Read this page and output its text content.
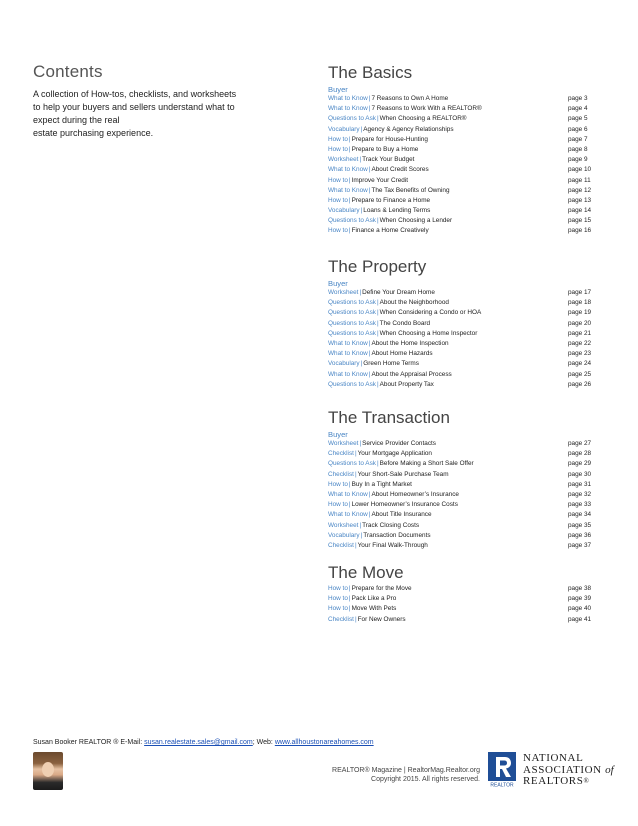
Contents

A collection of How-tos, checklists, and worksheets
to help your buyers and sellers understand what to
expect during the real
estate purchasing experience.

The Basics
Buyer
What to Know|7 Reasons to Own A Home	page 3
What to Know|7 Reasons to Work With a REALTOR®	page 4
Questions to Ask|When Choosing a REALTOR®	page 5
Vocabulary|Agency & Agency Relationships	page 6
How to|Prepare for House-Hunting	page 7
How to|Prepare to Buy a Home	page 8
Worksheet|Track Your Budget	page 9
What to Know|About Credit Scores	page 10
How to|Improve Your Credit	page 11
What to Know|The Tax Benefits of Owning	page 12
How to|Prepare to Finance a Home	page 13
Vocabulary|Loans & Lending Terms	page 14
Questions to Ask|When Choosing a Lender	page 15
How to|Finance a Home Creatively	page 16
The Property
Buyer
Worksheet|Define Your Dream Home	page 17
Questions to Ask|About the Neighborhood	page 18
Questions to Ask|When Considering a Condo or HOA	page 19
Questions to Ask|The Condo Board	page 20
Questions to Ask|When Choosing a Home Inspector	page 21
What to Know|About the Home Inspection	page 22
What to Know|About Home Hazards	page 23
Vocabulary|Green Home Terms	page 24
What to Know|About the Appraisal Process	page 25
Questions to Ask|About Property Tax	page 26
The Transaction
Buyer
Worksheet|Service Provider Contacts	page 27
Checklist|Your Mortgage Application	page 28
Questions to Ask|Before Making a Short Sale Offer	page 29
Checklist|Your Short-Sale Purchase Team	page 30
How to|Buy In a Tight Market	page 31
What to Know|About Homeowner’s Insurance	page 32
How to|Lower Homeowner’s Insurance Costs	page 33
What to Know|About Title Insurance	page 34
Worksheet|Track Closing Costs	page 35
Vocabulary|Transaction Documents	page 36
Checklist|Your Final Walk-Through	page 37
The Move
How to|Prepare for the Move	page 38
How to|Pack Like a Pro	page 39
How to|Move With Pets	page 40
Checklist|For New Owners	page 41
Susan Booker REALTOR ® E-Mail: susan.realestate.sales@gmail.com; Web: www.allhoustonareahomes.com
REALTOR® Magazine | RealtorMag.Realtor.org
Copyright 2015. All rights reserved.
REALTOR
NATIONAL
ASSOCIATION of
REALTORS®
